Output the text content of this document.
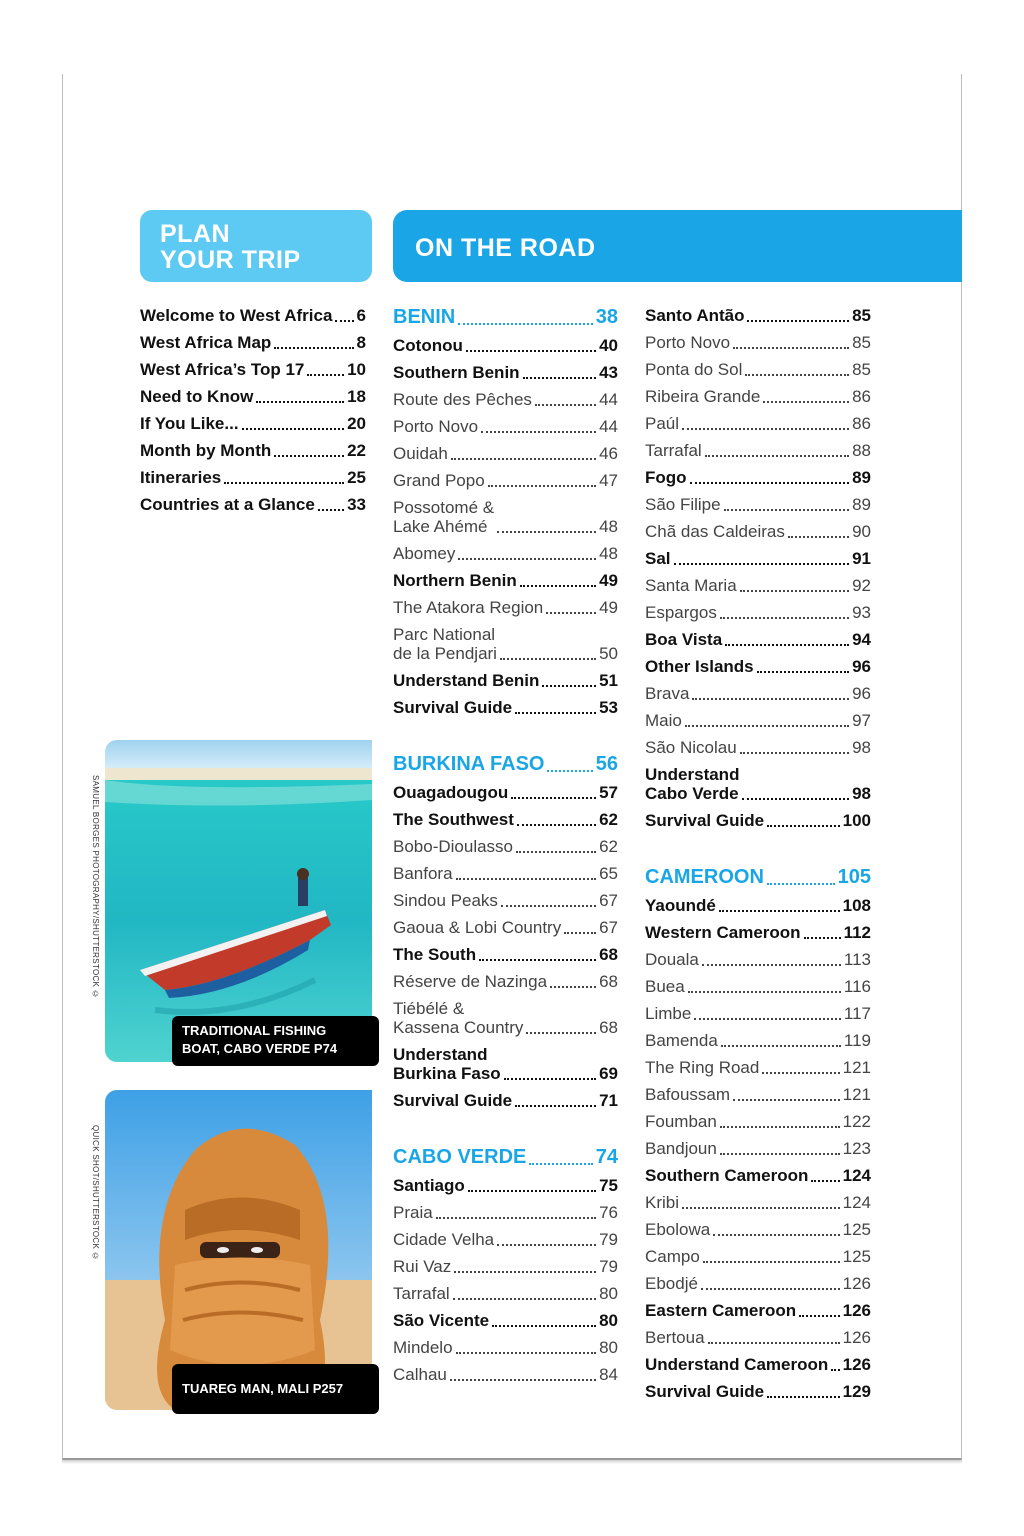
PLAN
YOUR TRIP	ON THE ROAD
Welcome to West Africa 6
West Africa Map	8
West Africa’s Top 17	10
Need to Know	18
If You Like...	20
Month by Month	22
Itineraries	25
Countries at a Glance 33
BENIN	38
Cotonou	40
Southern Benin	43
Route des Pêches	44
Porto Novo	44
Ouidah	46
Grand Popo	47
Possotomé &
Lake Ahémé	48
Abomey	48
Northern Benin	49
The Atakora Region	49
Parc National
de la Pendjari	50
Understand Benin	51
Survival Guide	53
BURKINA FASO	56
Ouagadougou	57
The Southwest	62
Bobo-Dioulasso	62
Banfora	65
Sindou Peaks	67
Gaoua & Lobi Country 67
The South	68
Réserve de Nazinga	68
Tiébélé &
Kassena Country	68
Understand
Burkina Faso	69
Survival Guide	71
CABO VERDE	74
Santiago	75
Praia	76
Cidade Velha	79
Rui Vaz	79
Tarrafal	80
São Vicente	80
Mindelo	80
Calhau	84
Santo Antão	85
Porto Novo	85
Ponta do Sol	85
Ribeira Grande	86
Paúl	86
Tarrafal	88
Fogo	89
São Filipe	89
Chã das Caldeiras	90
Sal	91
Santa Maria	92
Espargos	93
Boa Vista	94
Other Islands	96
Brava	96
Maio	97
São Nicolau	98
Understand
Cabo Verde	98
Survival Guide	100
CAMEROON	105
Yaoundé	108
Western Cameroon	112
Douala	113
Buea	116
Limbe	117
Bamenda	119
The Ring Road	121
Bafoussam	121
Foumban	122
Bandjoun	123
Southern Cameroon 124
Kribi	124
Ebolowa	125
Campo	125
Ebodjé	126
Eastern Cameroon	126
Bertoua	126
Understand Cameroon 126
Survival Guide	129
TRADITIONAL FISHING
BOAT, CABO VERDE P74
SAMUEL BORGES PHOTOGRAPHY/SHUTTERSTOCK ©
TUAREG MAN, MALI P257
QUICK SHOT/SHUTTERSTOCK ©
